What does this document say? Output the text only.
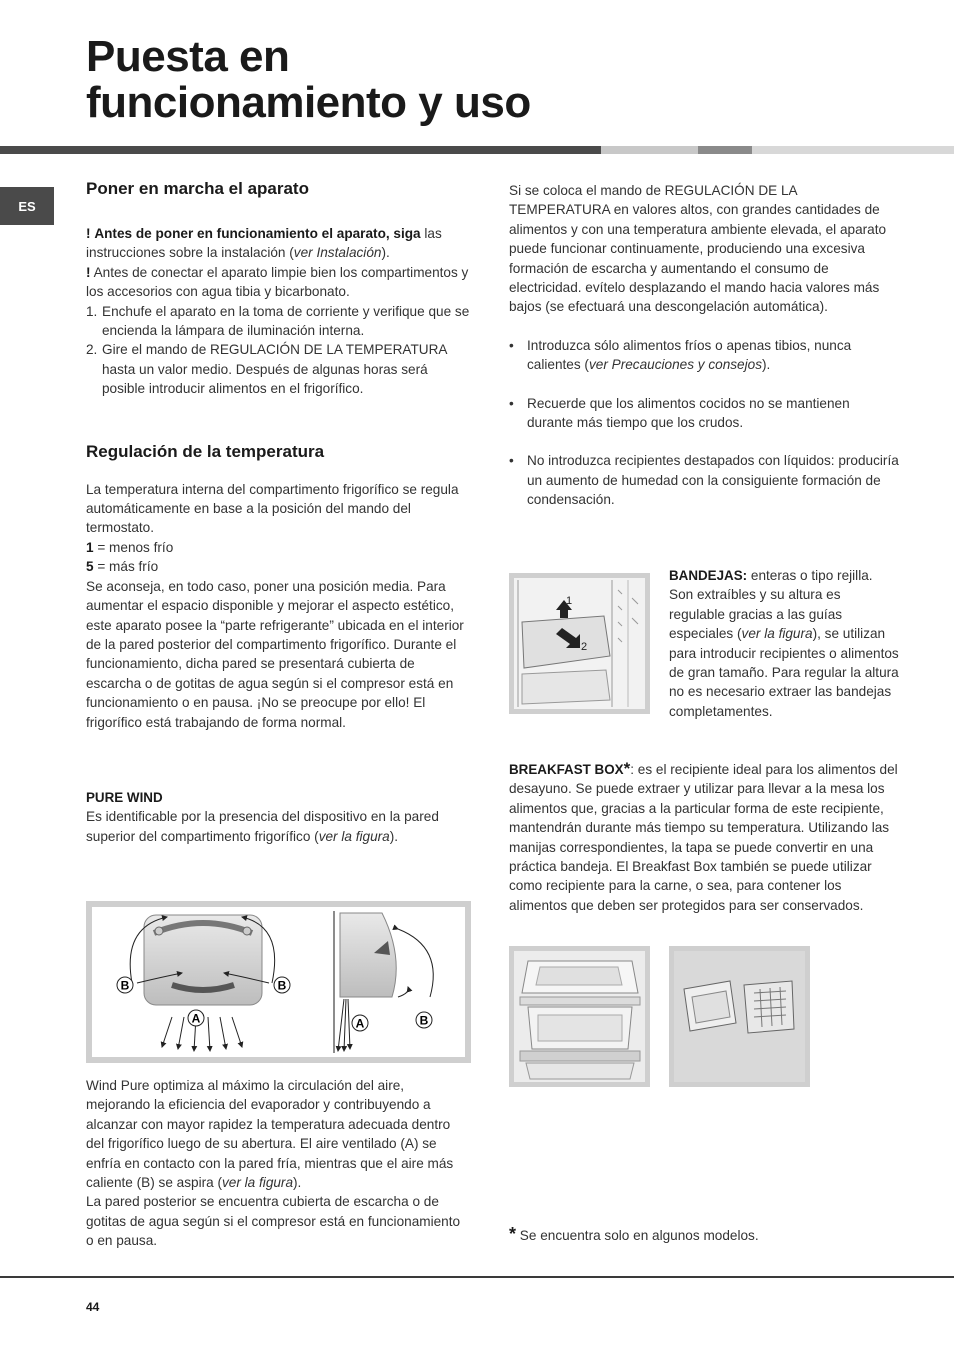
Puesta en
funcionamiento y uso
ES
Poner en marcha el aparato

! Antes de poner en funcionamiento el aparato, siga las instrucciones sobre la instalación (ver Instalación).

! Antes de conectar el aparato limpie bien los compartimentos y los accesorios con agua tibia y bicarbonato.

1. Enchufe el aparato en la toma de corriente y verifique que se encienda la lámpara de iluminación interna.
2. Gire el mando de REGULACIÓN DE LA TEMPERATURA hasta un valor medio. Después de algunas horas será posible introducir alimentos en el frigorífico.
Regulación de la temperatura

La temperatura interna del compartimento frigorífico se regula automáticamente en base a la posición del mando del termostato.

1 = menos frío

5 = más frío

Se aconseja, en todo caso, poner una posición media. Para aumentar el espacio disponible y mejorar el aspecto estético, este aparato posee la “parte refrigerante” ubicada en el interior de la pared posterior del compartimento frigorífico. Durante el funcionamiento, dicha pared se presentará cubierta de escarcha o de gotitas de agua según si el compresor está en funcionamiento o en pausa. ¡No se preocupe por ello! El frigorífico está trabajando de forma normal.

PURE WIND

Es identificable por la presencia del dispositivo en la pared superior del compartimento frigorífico (ver la figura).

B	B
A	A	B

Wind Pure optimiza al máximo la circulación del aire, mejorando la eficiencia del evaporador y contribuyendo a alcanzar con mayor rapidez la temperatura adecuada dentro del frigorífico luego de su abertura. El aire ventilado (A) se enfría en contacto con la pared fría, mientras que el aire más caliente (B) se aspira (ver la figura).

La pared posterior se encuentra cubierta de escarcha o de gotitas de agua según si el compresor está en funcionamiento o en pausa.

Si se coloca el mando de REGULACIÓN DE LA TEMPERATURA en valores altos, con grandes cantidades de alimentos y con una temperatura ambiente elevada, el aparato puede funcionar continuamente, produciendo una excesiva formación de escarcha y aumentando el consumo de electricidad. evítelo desplazando el mando hacia valores más bajos (se efectuará una descongelación automática).

• Introduzca sólo alimentos fríos o apenas tibios, nunca calientes (ver Precauciones y consejos).
• Recuerde que los alimentos cocidos no se mantienen durante más tiempo que los crudos.
• No introduzca recipientes destapados con líquidos: produciría un aumento de humedad con la consiguiente formación de condensación.
1
2

BANDEJAS: enteras o tipo rejilla. Son extraíbles y su altura es regulable gracias a las guías especiales (ver la figura), se utilizan para introducir recipientes o alimentos de gran tamaño. Para regular la altura no es necesario extraer las bandejas completamentes.

BREAKFAST BOX*: es el recipiente ideal para los alimentos del desayuno. Se puede extraer y utilizar para llevar a la mesa los alimentos que, gracias a la particular forma de este recipiente, mantendrán durante más tiempo su temperatura. Utilizando las manijas correspondientes, la tapa se puede convertir en una práctica bandeja. El Breakfast Box también se puede utilizar como recipiente para la carne, o sea, para contener los alimentos que deben ser protegidos para ser conservados.

* Se encuentra solo en algunos modelos.
44
